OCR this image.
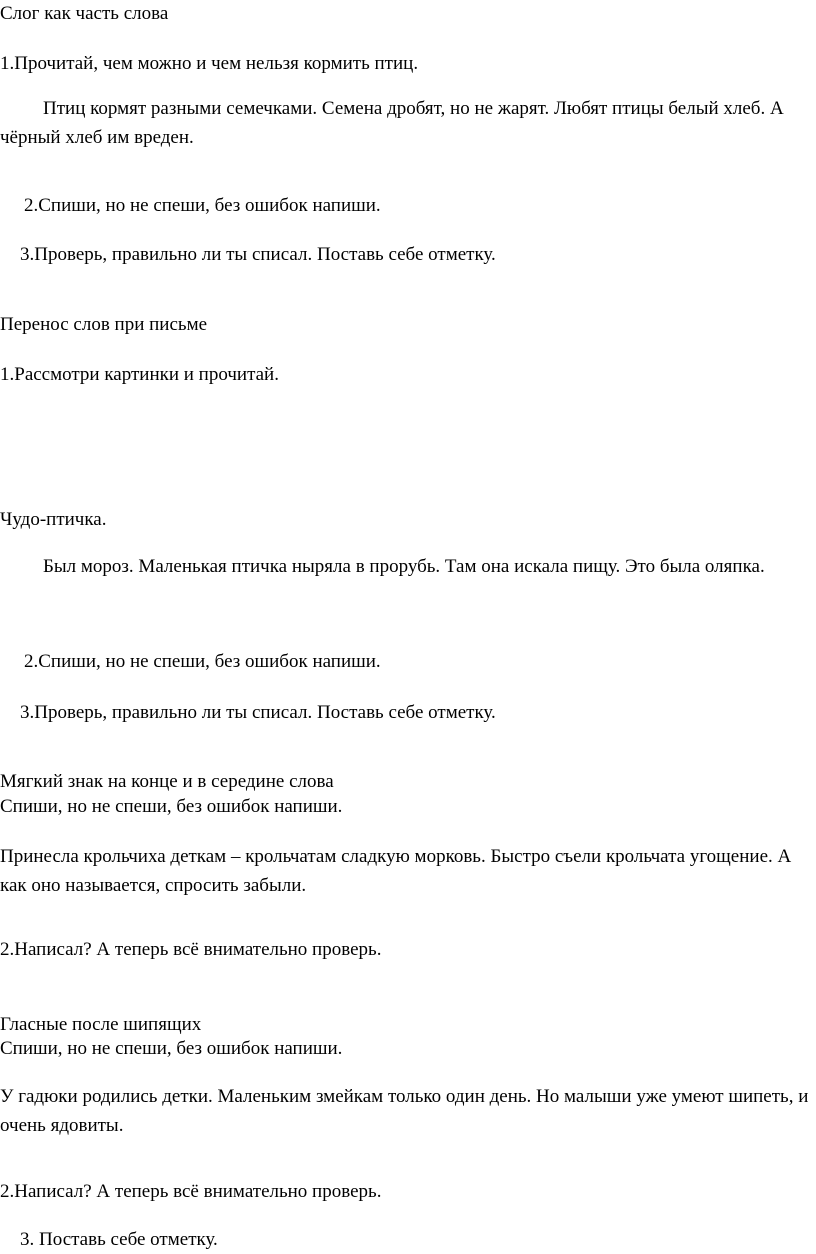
Слог как часть слова

1.Прочитай, чем можно и чем нельзя кормить птиц.

Птиц кормят разными семечками. Семена дробят, но не жарят. Любят птицы белый хлеб. А чёрный хлеб им вреден.

2.Спиши, но не спеши, без ошибок напиши.

3.Проверь, правильно ли ты списал. Поставь себе отметку.

Перенос слов при письме

1.Рассмотри картинки и прочитай.

Чудо-птичка.

Был мороз. Маленькая птичка ныряла в прорубь. Там она искала пищу. Это была оляпка.

2.Спиши, но не спеши, без ошибок напиши.

3.Проверь, правильно ли ты списал. Поставь себе отметку.

Мягкий знак на конце и в середине слова

Спиши, но не спеши, без ошибок напиши.

Принесла крольчиха деткам – крольчатам сладкую морковь. Быстро съели крольчата угощение. А как оно называется, спросить забыли.

2.Написал? А теперь всё внимательно проверь.

Гласные после шипящих

Спиши, но не спеши, без ошибок напиши.

У гадюки родились детки. Маленьким змейкам только один день. Но малыши уже умеют шипеть, и очень ядовиты.

2.Написал? А теперь всё внимательно проверь.

3. Поставь себе отметку.
